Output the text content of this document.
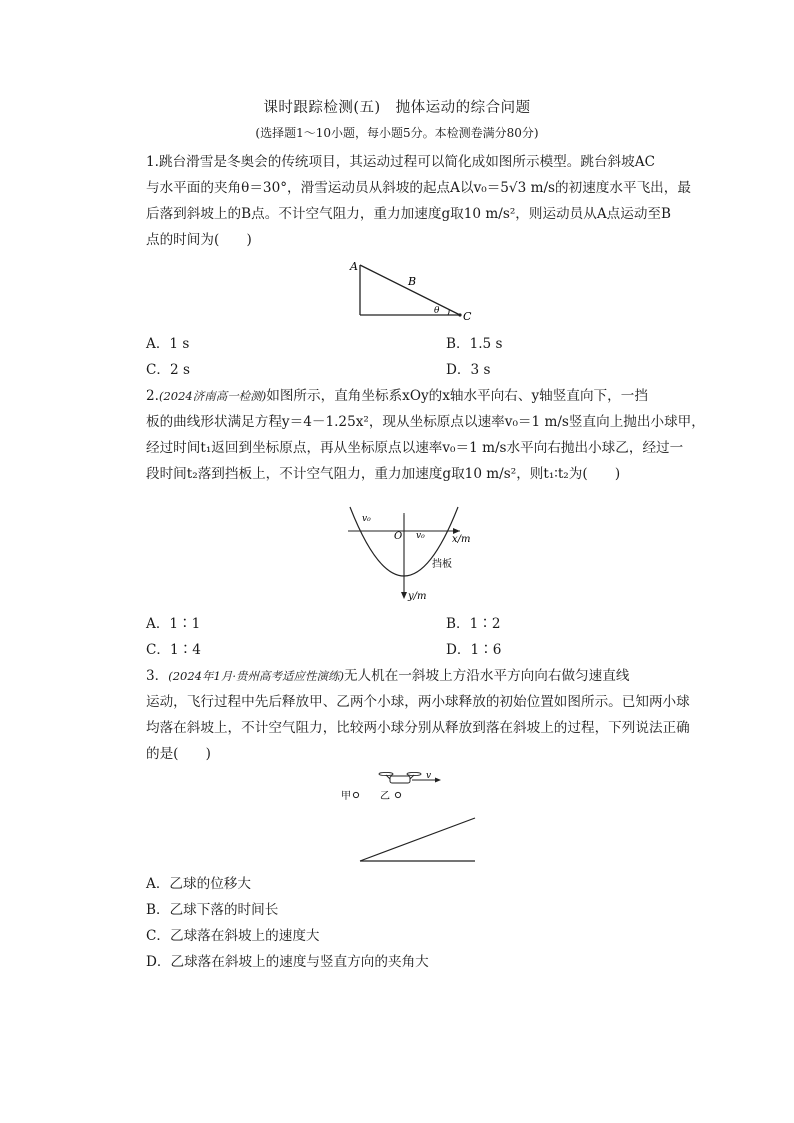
课时跟踪检测(五)　抛体运动的综合问题
(选择题1～10小题，每小题5分。本检测卷满分80分)
1.跳台滑雪是冬奥会的传统项目，其运动过程可以简化成如图所示模型。跳台斜坡AC
与水平面的夹角θ＝30°，滑雪运动员从斜坡的起点A以v₀＝5√3 m/s的初速度水平飞出，最
后落到斜坡上的B点。不计空气阻力，重力加速度g取10 m/s²，则运动员从A点运动至B
点的时间为(　　)
A
B
C
θ
A．1 s	B．1.5 s
C．2 s	D．3 s
2.(2024济南高一检测)如图所示，直角坐标系xOy的x轴水平向右、y轴竖直向下，一挡
板的曲线形状满足方程y＝4－1.25x²，现从坐标原点以速率v₀＝1 m/s竖直向上抛出小球甲，
经过时间t₁返回到坐标原点，再从坐标原点以速率v₀＝1 m/s水平向右抛出小球乙，经过一
段时间t₂落到挡板上，不计空气阻力，重力加速度g取10 m/s²，则t₁∶t₂为(　　)
v₀
v₀
O	x/m
y/m
挡板
A．1∶1	B．1∶2
C．1∶4	D．1∶6
3．(2024年1月·贵州高考适应性演练)无人机在一斜坡上方沿水平方向向右做匀速直线
运动，飞行过程中先后释放甲、乙两个小球，两小球释放的初始位置如图所示。已知两小球
均落在斜坡上，不计空气阻力，比较两小球分别从释放到落在斜坡上的过程，下列说法正确
的是(　　)
v
甲	乙
A．乙球的位移大
B．乙球下落的时间长
C．乙球落在斜坡上的速度大
D．乙球落在斜坡上的速度与竖直方向的夹角大
